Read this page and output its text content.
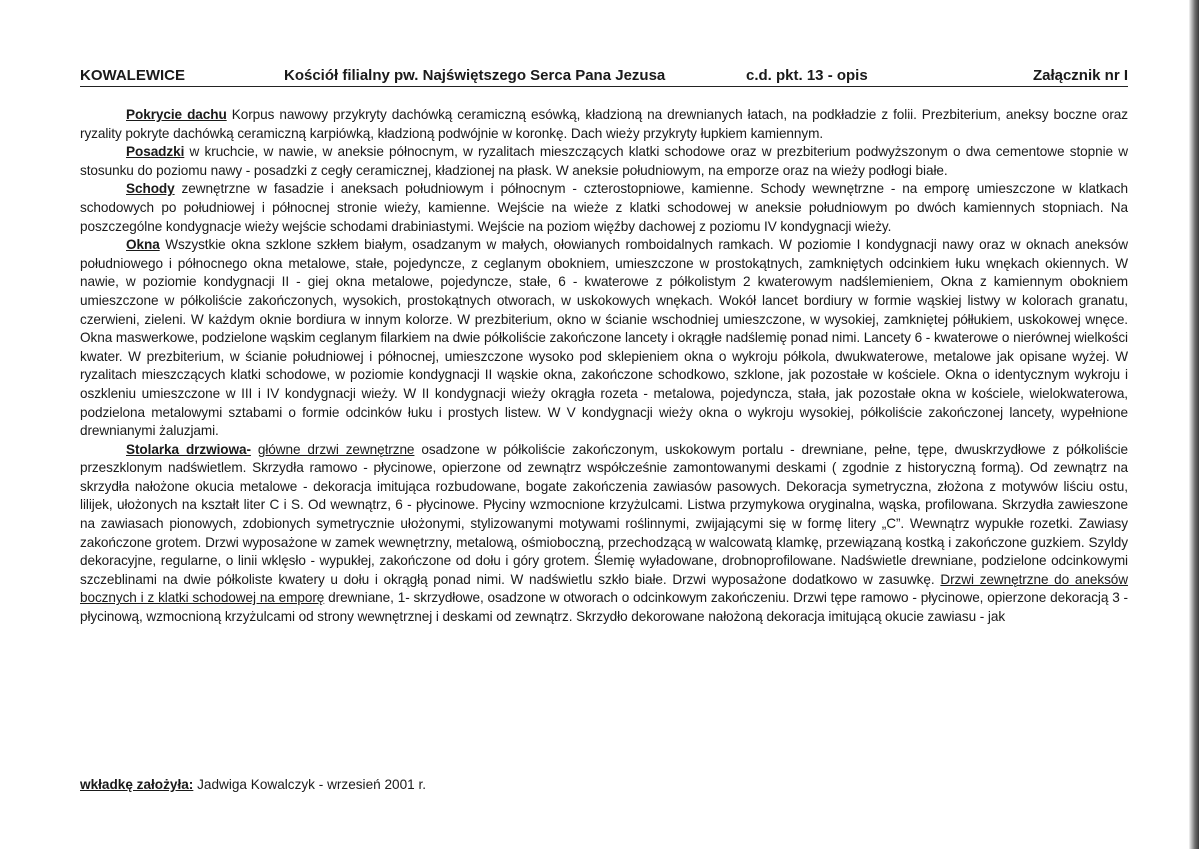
KOWALEWICE	Kościół filialny pw. Najświętszego Serca Pana Jezusa	c.d. pkt. 13 - opis	Załącznik nr I

Pokrycie dachu Korpus nawowy przykryty dachówką ceramiczną esówką, kładzioną na drewnianych łatach, na podkładzie z folii. Prezbiterium, aneksy boczne oraz ryzality pokryte dachówką ceramiczną karpiówką, kładzioną podwójnie w koronkę. Dach wieży przykryty łupkiem kamiennym.

Posadzki w kruchcie, w nawie, w aneksie północnym, w ryzalitach mieszczących klatki schodowe oraz w prezbiterium podwyższonym o dwa cementowe stopnie w stosunku do poziomu nawy - posadzki z cegły ceramicznej, kładzionej na płask. W aneksie południowym, na emporze oraz na wieży podłogi białe.

Schody zewnętrzne w fasadzie i aneksach południowym i północnym - czterostopniowe, kamienne. Schody wewnętrzne - na emporę umieszczone w klatkach schodowych po południowej i północnej stronie wieży, kamienne. Wejście na wieże z klatki schodowej w aneksie południowym po dwóch kamiennych stopniach. Na poszczególne kondygnacje wieży wejście schodami drabiniastymi. Wejście na poziom więźby dachowej z poziomu IV kondygnacji wieży.

Okna Wszystkie okna szklone szkłem białym, osadzanym w małych, ołowianych romboidalnych ramkach. W poziomie I kondygnacji nawy oraz w oknach aneksów południowego i północnego okna metalowe, stałe, pojedyncze, z ceglanym obokniem, umieszczone w prostokątnych, zamkniętych odcinkiem łuku wnękach okiennych. W nawie, w poziomie kondygnacji II - giej okna metalowe, pojedyncze, stałe, 6 - kwaterowe z półkolistym 2 kwaterowym nadślemieniem, Okna z kamiennym obokniem umieszczone w półkoliście zakończonych, wysokich, prostokątnych otworach, w uskokowych wnękach. Wokół lancet bordiury w formie wąskiej listwy w kolorach granatu, czerwieni, zieleni. W każdym oknie bordiura w innym kolorze. W prezbiterium, okno w ścianie wschodniej umieszczone, w wysokiej, zamkniętej półłukiem, uskokowej wnęce. Okna maswerkowe, podzielone wąskim ceglanym filarkiem na dwie półkoliście zakończone lancety i okrągłe nadślemię ponad nimi. Lancety 6 - kwaterowe o nierównej wielkości kwater. W prezbiterium, w ścianie południowej i północnej, umieszczone wysoko pod sklepieniem okna o wykroju półkola, dwukwaterowe, metalowe jak opisane wyżej. W ryzalitach mieszczących klatki schodowe, w poziomie kondygnacji II wąskie okna, zakończone schodkowo, szklone, jak pozostałe w kościele. Okna o identycznym wykroju i oszkleniu umieszczone w III i IV kondygnacji wieży. W II kondygnacji wieży okrągła rozeta - metalowa, pojedyncza, stała, jak pozostałe okna w kościele, wielokwaterowa, podzielona metalowymi sztabami o formie odcinków łuku i prostych listew. W V kondygnacji wieży okna o wykroju wysokiej, półkoliście zakończonej lancety, wypełnione drewnianymi żaluzjami.

Stolarka drzwiowa- główne drzwi zewnętrzne osadzone w półkoliście zakończonym, uskokowym portalu - drewniane, pełne, tępe, dwuskrzydłowe z półkoliście przeszklonym nadświetlem. Skrzydła ramowo - płycinowe, opierzone od zewnątrz współcześnie zamontowanymi deskami ( zgodnie z historyczną formą). Od zewnątrz na skrzydła nałożone okucia metalowe - dekoracja imitująca rozbudowane, bogate zakończenia zawiasów pasowych. Dekoracja symetryczna, złożona z motywów liściu ostu, lilijek, ułożonych na kształt liter C i S. Od wewnątrz, 6 - płycinowe. Płyciny wzmocnione krzyżulcami. Listwa przymykowa oryginalna, wąska, profilowana. Skrzydła zawieszone na zawiasach pionowych, zdobionych symetrycznie ułożonymi, stylizowanymi motywami roślinnymi, zwijającymi się w formę litery „C”. Wewnątrz wypukłe rozetki. Zawiasy zakończone grotem. Drzwi wyposażone w zamek wewnętrzny, metalową, ośmioboczną, przechodzącą w walcowatą klamkę, przewiązaną kostką i zakończone guzkiem. Szyldy dekoracyjne, regularne, o linii wklęsło - wypukłej, zakończone od dołu i góry grotem. Ślemię wyładowane, drobnoprofilowane. Nadświetle drewniane, podzielone odcinkowymi szczeblinami na dwie półkoliste kwatery u dołu i okrągłą ponad nimi. W nadświetlu szkło białe. Drzwi wyposażone dodatkowo w zasuwkę. Drzwi zewnętrzne do aneksów bocznych i z klatki schodowej na emporę drewniane, 1- skrzydłowe, osadzone w otworach o odcinkowym zakończeniu. Drzwi tępe ramowo - płycinowe, opierzone dekoracją 3 - płycinową, wzmocnioną krzyżulcami od strony wewnętrznej i deskami od zewnątrz. Skrzydło dekorowane nałożoną dekoracja imitującą okucie zawiasu - jak

wkładkę założyła: Jadwiga Kowalczyk - wrzesień 2001 r.
